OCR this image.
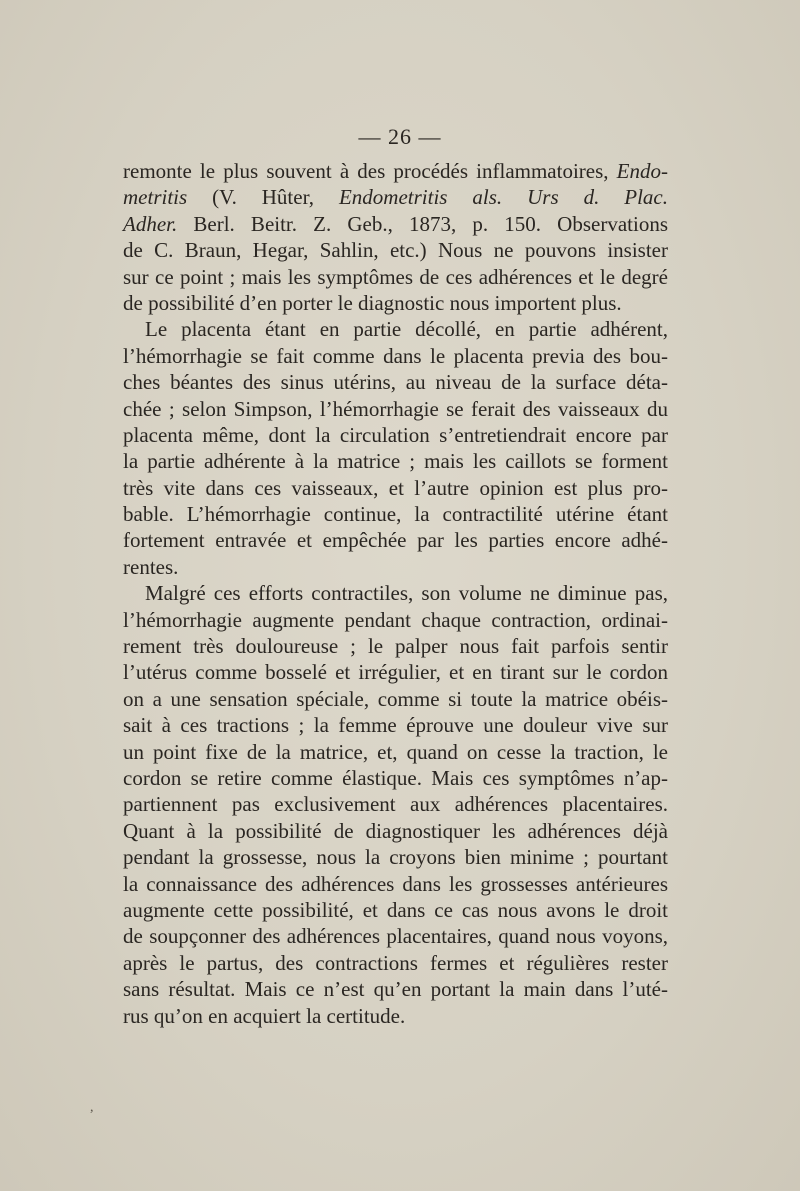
— 26 —
remonte le plus souvent à des procédés inflammatoires, Endo-
metritis (V. Hûter, Endometritis als. Urs d. Plac.
Adher. Berl. Beitr. Z. Geb., 1873, p. 150. Observations
de C. Braun, Hegar, Sahlin, etc.) Nous ne pouvons insister
sur ce point ; mais les symptômes de ces adhérences et le degré
de possibilité d’en porter le diagnostic nous importent plus.
Le placenta étant en partie décollé, en partie adhérent,
l’hémorrhagie se fait comme dans le placenta previa des bou-
ches béantes des sinus utérins, au niveau de la surface déta-
chée ; selon Simpson, l’hémorrhagie se ferait des vaisseaux du
placenta même, dont la circulation s’entretiendrait encore par
la partie adhérente à la matrice ; mais les caillots se forment
très vite dans ces vaisseaux, et l’autre opinion est plus pro-
bable. L’hémorrhagie continue, la contractilité utérine étant
fortement entravée et empêchée par les parties encore adhé-
rentes.
Malgré ces efforts contractiles, son volume ne diminue pas,
l’hémorrhagie augmente pendant chaque contraction, ordinai-
rement très douloureuse ; le palper nous fait parfois sentir
l’utérus comme bosselé et irrégulier, et en tirant sur le cordon
on a une sensation spéciale, comme si toute la matrice obéis-
sait à ces tractions ; la femme éprouve une douleur vive sur
un point fixe de la matrice, et, quand on cesse la traction, le
cordon se retire comme élastique. Mais ces symptômes n’ap-
partiennent pas exclusivement aux adhérences placentaires.
Quant à la possibilité de diagnostiquer les adhérences déjà
pendant la grossesse, nous la croyons bien minime ; pourtant
la connaissance des adhérences dans les grossesses antérieures
augmente cette possibilité, et dans ce cas nous avons le droit
de soupçonner des adhérences placentaires, quand nous voyons,
après le partus, des contractions fermes et régulières rester
sans résultat. Mais ce n’est qu’en portant la main dans l’uté-
rus qu’on en acquiert la certitude.
,
